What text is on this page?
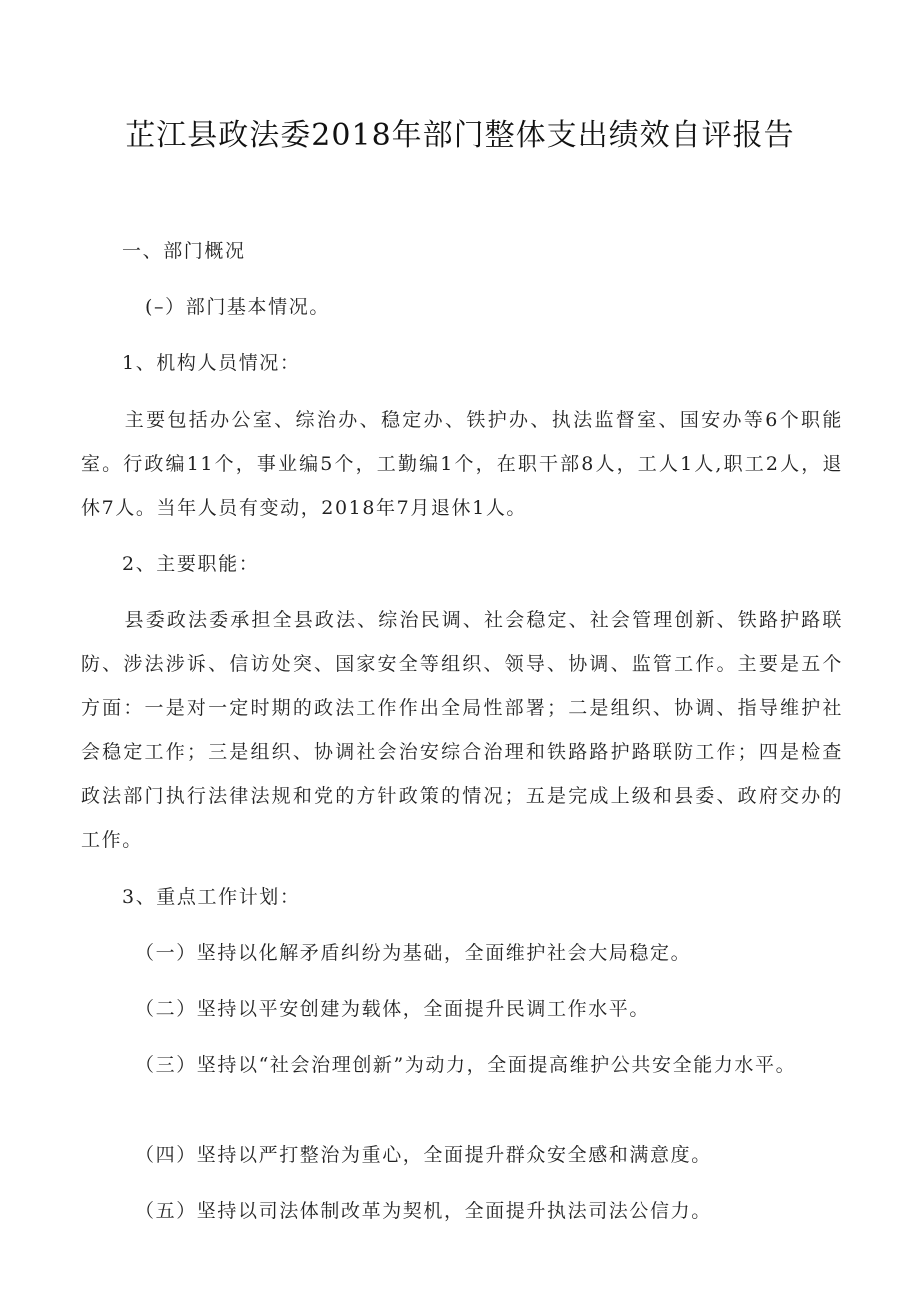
芷江县政法委2018年部门整体支出绩效自评报告
一、部门概况
(–）部门基本情况。
1、机构人员情况：
主要包括办公室、综治办、稳定办、铁护办、执法监督室、国安办等6个职能室。行政编11个，事业编5个，工勤编1个，在职干部8人，工人1人,职工2人，退休7人。当年人员有变动，2018年7月退休1人。
2、主要职能：
县委政法委承担全县政法、综治民调、社会稳定、社会管理创新、铁路护路联防、涉法涉诉、信访处突、国家安全等组织、领导、协调、监管工作。主要是五个方面：一是对一定时期的政法工作作出全局性部署；二是组织、协调、指导维护社会稳定工作；三是组织、协调社会治安综合治理和铁路路护路联防工作；四是检查政法部门执行法律法规和党的方针政策的情况；五是完成上级和县委、政府交办的工作。
3、重点工作计划：
（一）坚持以化解矛盾纠纷为基础，全面维护社会大局稳定。
（二）坚持以平安创建为载体，全面提升民调工作水平。
（三）坚持以“社会治理创新”为动力，全面提高维护公共安全能力水平。
（四）坚持以严打整治为重心，全面提升群众安全感和满意度。
（五）坚持以司法体制改革为契机，全面提升执法司法公信力。
